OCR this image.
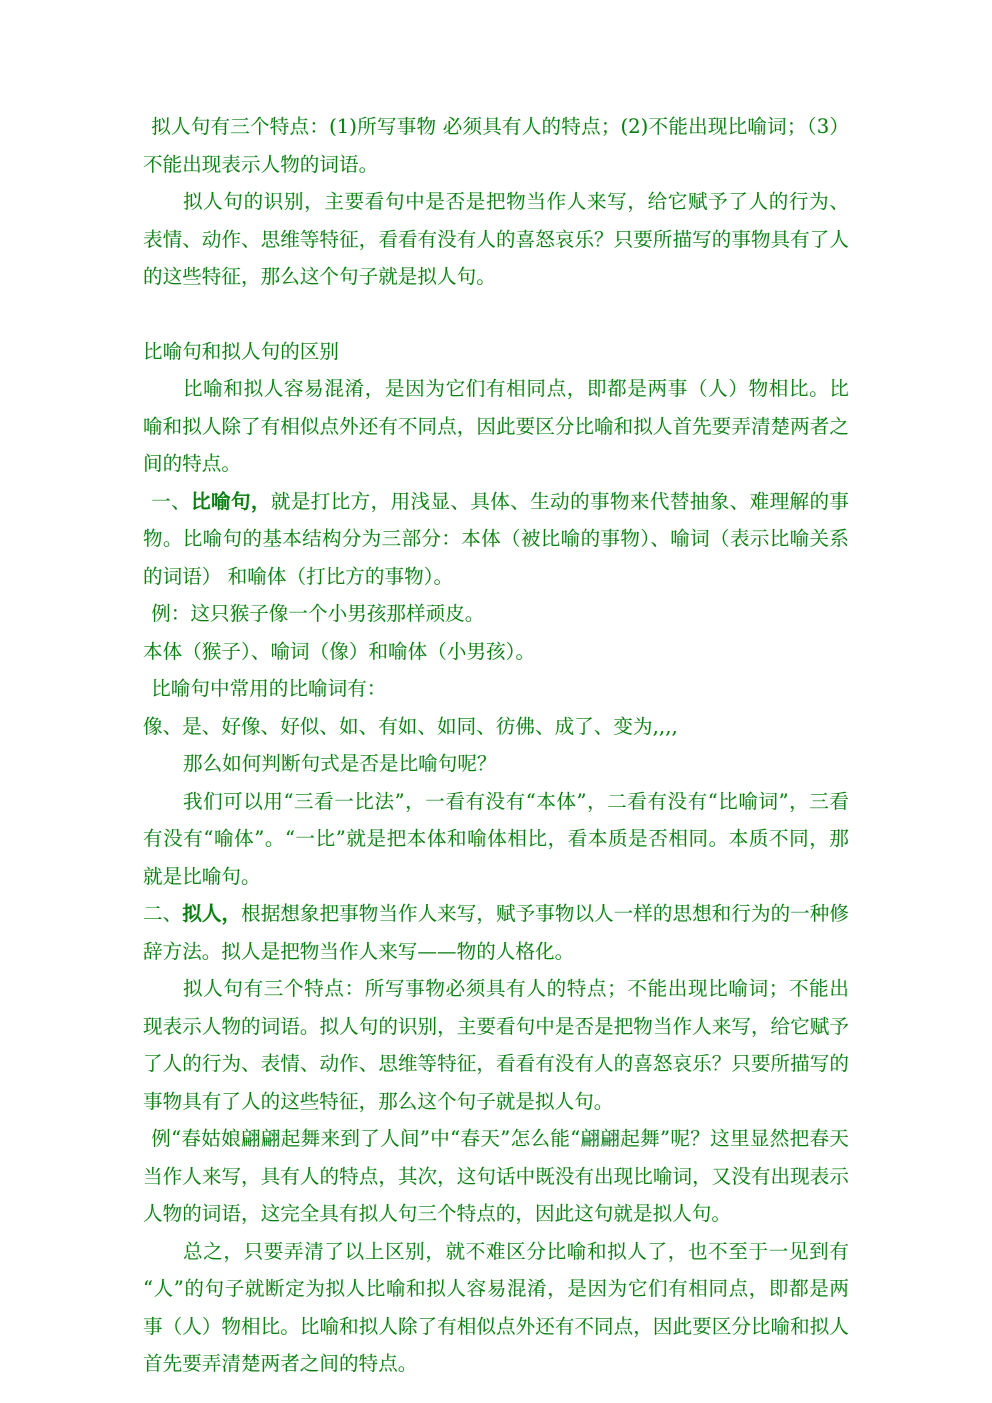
拟人句有三个特点：(1)所写事物 必须具有人的特点；(2)不能出现比喻词；（3）不能出现表示人物的词语。

拟人句的识别，主要看句中是否是把物当作人来写，给它赋予了人的行为、表情、动作、思维等特征，看看有没有人的喜怒哀乐？只要所描写的事物具有了人的这些特征，那么这个句子就是拟人句。

比喻句和拟人句的区别

比喻和拟人容易混淆，是因为它们有相同点，即都是两事（人）物相比。比喻和拟人除了有相似点外还有不同点，因此要区分比喻和拟人首先要弄清楚两者之间的特点。

一、比喻句，就是打比方，用浅显、具体、生动的事物来代替抽象、难理解的事物。比喻句的基本结构分为三部分：本体（被比喻的事物）、喻词（表示比喻关系的词语） 和喻体（打比方的事物）。

例：这只猴子像一个小男孩那样顽皮。

本体（猴子）、喻词（像）和喻体（小男孩）。

比喻句中常用的比喻词有：

像、是、好像、好似、如、有如、如同、彷佛、成了、变为,,,,

那么如何判断句式是否是比喻句呢？

我们可以用“三看一比法”，一看有没有“本体”，二看有没有“比喻词”，三看有没有“喻体”。“一比”就是把本体和喻体相比，看本质是否相同。本质不同，那就是比喻句。

二、拟人，根据想象把事物当作人来写，赋予事物以人一样的思想和行为的一种修辞方法。拟人是把物当作人来写——物的人格化。

拟人句有三个特点：所写事物必须具有人的特点；不能出现比喻词；不能出现表示人物的词语。拟人句的识别，主要看句中是否是把物当作人来写，给它赋予了人的行为、表情、动作、思维等特征，看看有没有人的喜怒哀乐？只要所描写的事物具有了人的这些特征，那么这个句子就是拟人句。

例“春姑娘翩翩起舞来到了人间”中“春天”怎么能“翩翩起舞”呢？这里显然把春天当作人来写，具有人的特点，其次，这句话中既没有出现比喻词，又没有出现表示人物的词语，这完全具有拟人句三个特点的，因此这句就是拟人句。

总之，只要弄清了以上区别，就不难区分比喻和拟人了，也不至于一见到有“人”的句子就断定为拟人比喻和拟人容易混淆，是因为它们有相同点，即都是两事（人）物相比。比喻和拟人除了有相似点外还有不同点，因此要区分比喻和拟人首先要弄清楚两者之间的特点。
